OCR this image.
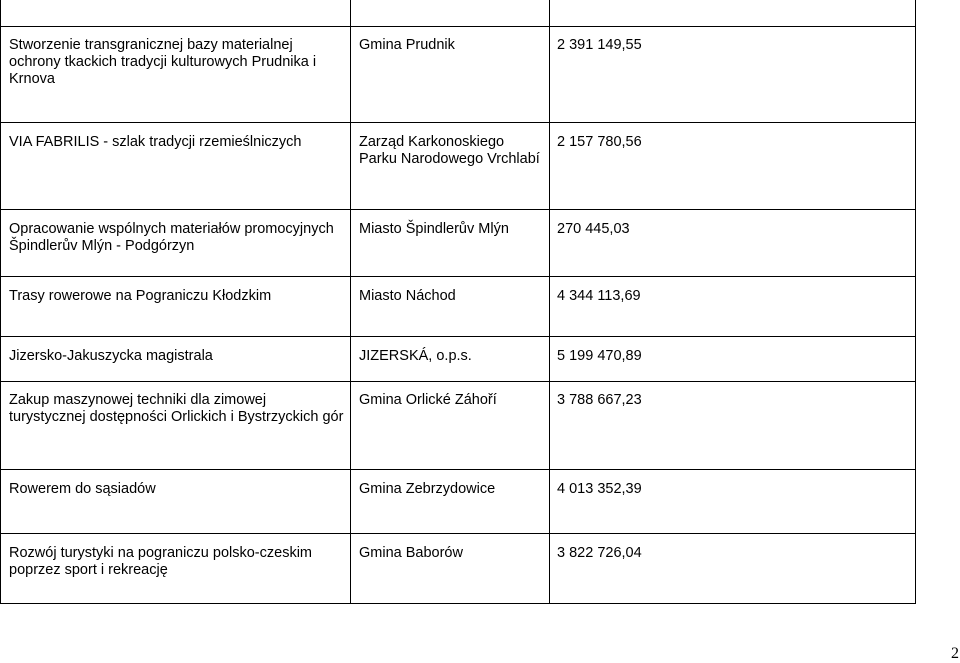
Stworzenie transgranicznej bazy materialnej ochrony tkackich tradycji kulturowych Prudnika i Krnova	Gmina Prudnik	2 391 149,55
VIA FABRILIS - szlak tradycji rzemieślniczych	Zarząd Karkonoskiego Parku Narodowego Vrchlabí	2 157 780,56
Opracowanie wspólnych materiałów promocyjnych Špindlerův Mlýn - Podgórzyn	Miasto Špindlerův Mlýn	270 445,03
Trasy rowerowe na Pograniczu Kłodzkim	Miasto Náchod	4 344 113,69
Jizersko-Jakuszycka magistrala	JIZERSKÁ, o.p.s.	5 199 470,89
Zakup maszynowej techniki dla zimowej turystycznej dostępności Orlickich i Bystrzyckich gór	Gmina Orlické Záhoří	3 788 667,23
Rowerem do sąsiadów	Gmina Zebrzydowice	4 013 352,39
Rozwój turystyki na pograniczu polsko-czeskim poprzez sport i rekreację	Gmina Baborów	3 822 726,04
2
